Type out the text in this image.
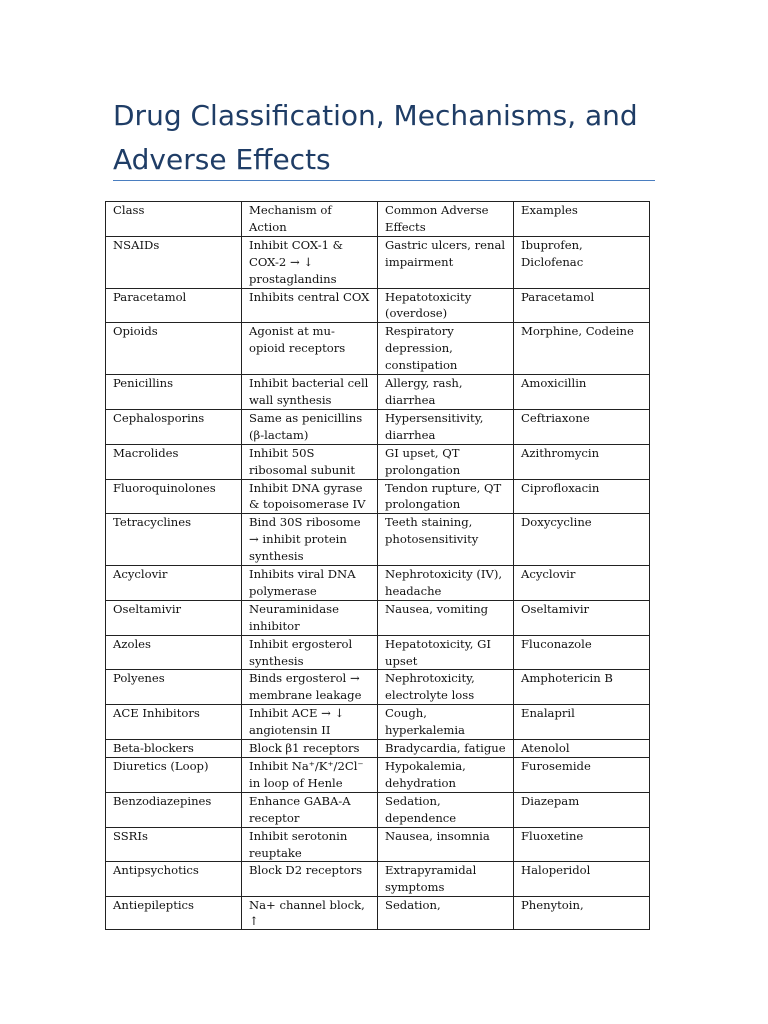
Drug Classification, Mechanisms, and Adverse Effects
Class	Mechanism of Action	Common Adverse Effects	Examples
NSAIDs	Inhibit COX-1 & COX-2 → ↓ prostaglandins	Gastric ulcers, renal impairment	Ibuprofen, Diclofenac
Paracetamol	Inhibits central COX	Hepatotoxicity (overdose)	Paracetamol
Opioids	Agonist at mu-opioid receptors	Respiratory depression, constipation	Morphine, Codeine
Penicillins	Inhibit bacterial cell wall synthesis	Allergy, rash, diarrhea	Amoxicillin
Cephalosporins	Same as penicillins (β-lactam)	Hypersensitivity, diarrhea	Ceftriaxone
Macrolides	Inhibit 50S ribosomal subunit	GI upset, QT prolongation	Azithromycin
Fluoroquinolones	Inhibit DNA gyrase & topoisomerase IV	Tendon rupture, QT prolongation	Ciprofloxacin
Tetracyclines	Bind 30S ribosome → inhibit protein synthesis	Teeth staining, photosensitivity	Doxycycline
Acyclovir	Inhibits viral DNA polymerase	Nephrotoxicity (IV), headache	Acyclovir
Oseltamivir	Neuraminidase inhibitor	Nausea, vomiting	Oseltamivir
Azoles	Inhibit ergosterol synthesis	Hepatotoxicity, GI upset	Fluconazole
Polyenes	Binds ergosterol → membrane leakage	Nephrotoxicity, electrolyte loss	Amphotericin B
ACE Inhibitors	Inhibit ACE → ↓ angiotensin II	Cough, hyperkalemia	Enalapril
Beta-blockers	Block β1 receptors	Bradycardia, fatigue	Atenolol
Diuretics (Loop)	Inhibit Na⁺/K⁺/2Cl⁻ in loop of Henle	Hypokalemia, dehydration	Furosemide
Benzodiazepines	Enhance GABA-A receptor	Sedation, dependence	Diazepam
SSRIs	Inhibit serotonin reuptake	Nausea, insomnia	Fluoxetine
Antipsychotics	Block D2 receptors	Extrapyramidal symptoms	Haloperidol
Antiepileptics	Na+ channel block, ↑	Sedation,	Phenytoin,
